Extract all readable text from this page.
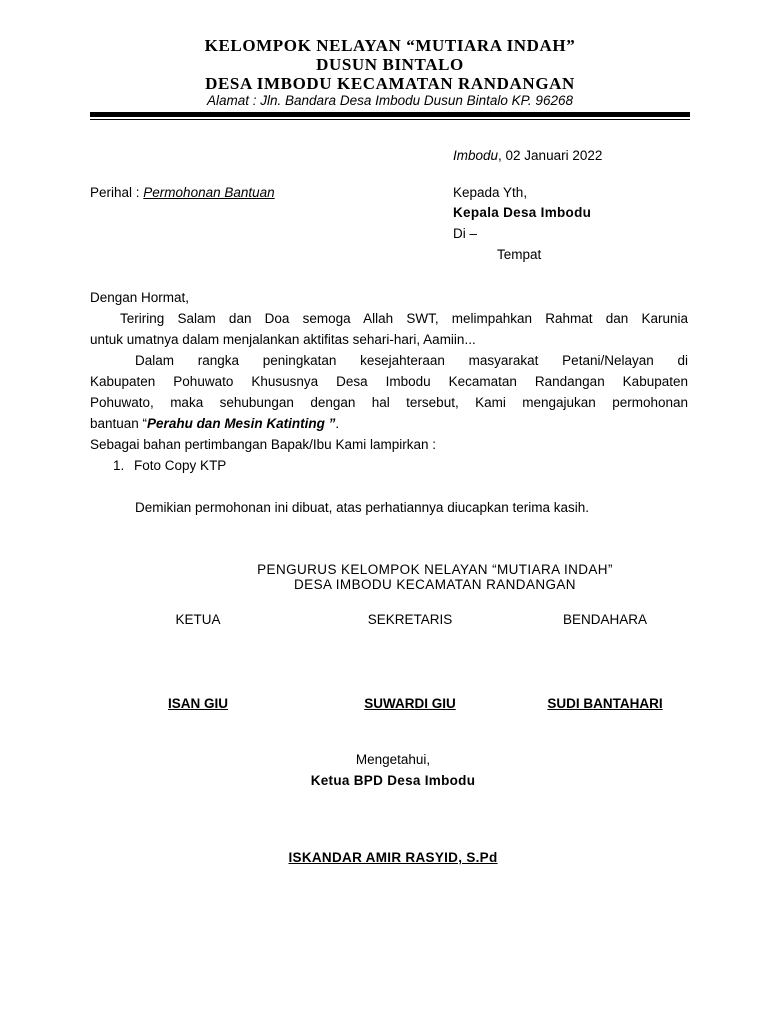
KELOMPOK NELAYAN “MUTIARA INDAH”
DUSUN BINTALO
DESA IMBODU KECAMATAN RANDANGAN
Alamat : Jln. Bandara Desa Imbodu Dusun Bintalo KP. 96268
Imbodu, 02 Januari 2022
Perihal : Permohonan Bantuan	Kepada Yth,
Kepala Desa Imbodu
Di –
Tempat
Dengan Hormat,
Teriring Salam dan Doa semoga Allah SWT, melimpahkan Rahmat dan Karunia
untuk umatnya dalam menjalankan aktifitas sehari-hari, Aamiin...
Dalam rangka peningkatan kesejahteraan masyarakat Petani/Nelayan di
Kabupaten Pohuwato Khususnya Desa Imbodu Kecamatan Randangan Kabupaten
Pohuwato, maka sehubungan dengan hal tersebut, Kami mengajukan permohonan
bantuan “Perahu dan Mesin Katinting ”.
Sebagai bahan pertimbangan Bapak/Ibu Kami lampirkan :
1. Foto Copy KTP
Demikian permohonan ini dibuat, atas perhatiannya diucapkan terima kasih.
PENGURUS KELOMPOK NELAYAN “MUTIARA INDAH”
DESA IMBODU KECAMATAN RANDANGAN
KETUA	SEKRETARIS	BENDAHARA
ISAN GIU	SUWARDI GIU	SUDI BANTAHARI
Mengetahui,
Ketua BPD Desa Imbodu
ISKANDAR AMIR RASYID, S.Pd
